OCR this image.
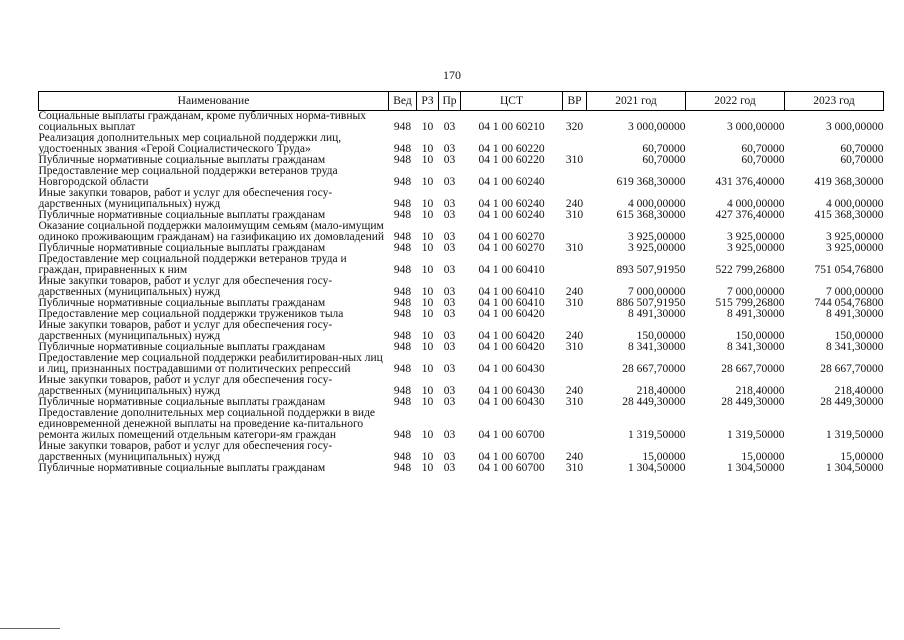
170
Наименование	Вед	РЗ	Пр	ЦСТ	ВР	2021 год	2022 год	2023 год
Социальные выплаты гражданам, кроме публичных норма-тивных социальных выплат	948	10	03	04 1 00 60210	320	3 000,00000	3 000,00000	3 000,00000
Реализация дополнительных мер социальной поддержки лиц, удостоенных звания «Герой Социалистического Труда»	948	10	03	04 1 00 60220		60,70000	60,70000	60,70000
Публичные нормативные социальные выплаты гражданам	948	10	03	04 1 00 60220	310	60,70000	60,70000	60,70000
Предоставление мер социальной поддержки ветеранов труда Новгородской области	948	10	03	04 1 00 60240		619 368,30000	431 376,40000	419 368,30000
Иные закупки товаров, работ и услуг для обеспечения госу-дарственных (муниципальных) нужд	948	10	03	04 1 00 60240	240	4 000,00000	4 000,00000	4 000,00000
Публичные нормативные социальные выплаты гражданам	948	10	03	04 1 00 60240	310	615 368,30000	427 376,40000	415 368,30000
Оказание социальной поддержки малоимущим семьям (мало-имущим одиноко проживающим гражданам) на газификацию их домовладений	948	10	03	04 1 00 60270		3 925,00000	3 925,00000	3 925,00000
Публичные нормативные социальные выплаты гражданам	948	10	03	04 1 00 60270	310	3 925,00000	3 925,00000	3 925,00000
Предоставление мер социальной поддержки ветеранов труда и граждан, приравненных к ним	948	10	03	04 1 00 60410		893 507,91950	522 799,26800	751 054,76800
Иные закупки товаров, работ и услуг для обеспечения госу-дарственных (муниципальных) нужд	948	10	03	04 1 00 60410	240	7 000,00000	7 000,00000	7 000,00000
Публичные нормативные социальные выплаты гражданам	948	10	03	04 1 00 60410	310	886 507,91950	515 799,26800	744 054,76800
Предоставление мер социальной поддержки тружеников тыла	948	10	03	04 1 00 60420		8 491,30000	8 491,30000	8 491,30000
Иные закупки товаров, работ и услуг для обеспечения госу-дарственных (муниципальных) нужд	948	10	03	04 1 00 60420	240	150,00000	150,00000	150,00000
Публичные нормативные социальные выплаты гражданам	948	10	03	04 1 00 60420	310	8 341,30000	8 341,30000	8 341,30000
Предоставление мер социальной поддержки реабилитирован-ных лиц и лиц, признанных пострадавшими от политических репрессий	948	10	03	04 1 00 60430		28 667,70000	28 667,70000	28 667,70000
Иные закупки товаров, работ и услуг для обеспечения госу-дарственных (муниципальных) нужд	948	10	03	04 1 00 60430	240	218,40000	218,40000	218,40000
Публичные нормативные социальные выплаты гражданам	948	10	03	04 1 00 60430	310	28 449,30000	28 449,30000	28 449,30000
Предоставление дополнительных мер социальной поддержки в виде единовременной денежной выплаты на проведение ка-питального ремонта жилых помещений отдельным категори-ям граждан	948	10	03	04 1 00 60700		1 319,50000	1 319,50000	1 319,50000
Иные закупки товаров, работ и услуг для обеспечения госу-дарственных (муниципальных) нужд	948	10	03	04 1 00 60700	240	15,00000	15,00000	15,00000
Публичные нормативные социальные выплаты гражданам	948	10	03	04 1 00 60700	310	1 304,50000	1 304,50000	1 304,50000
